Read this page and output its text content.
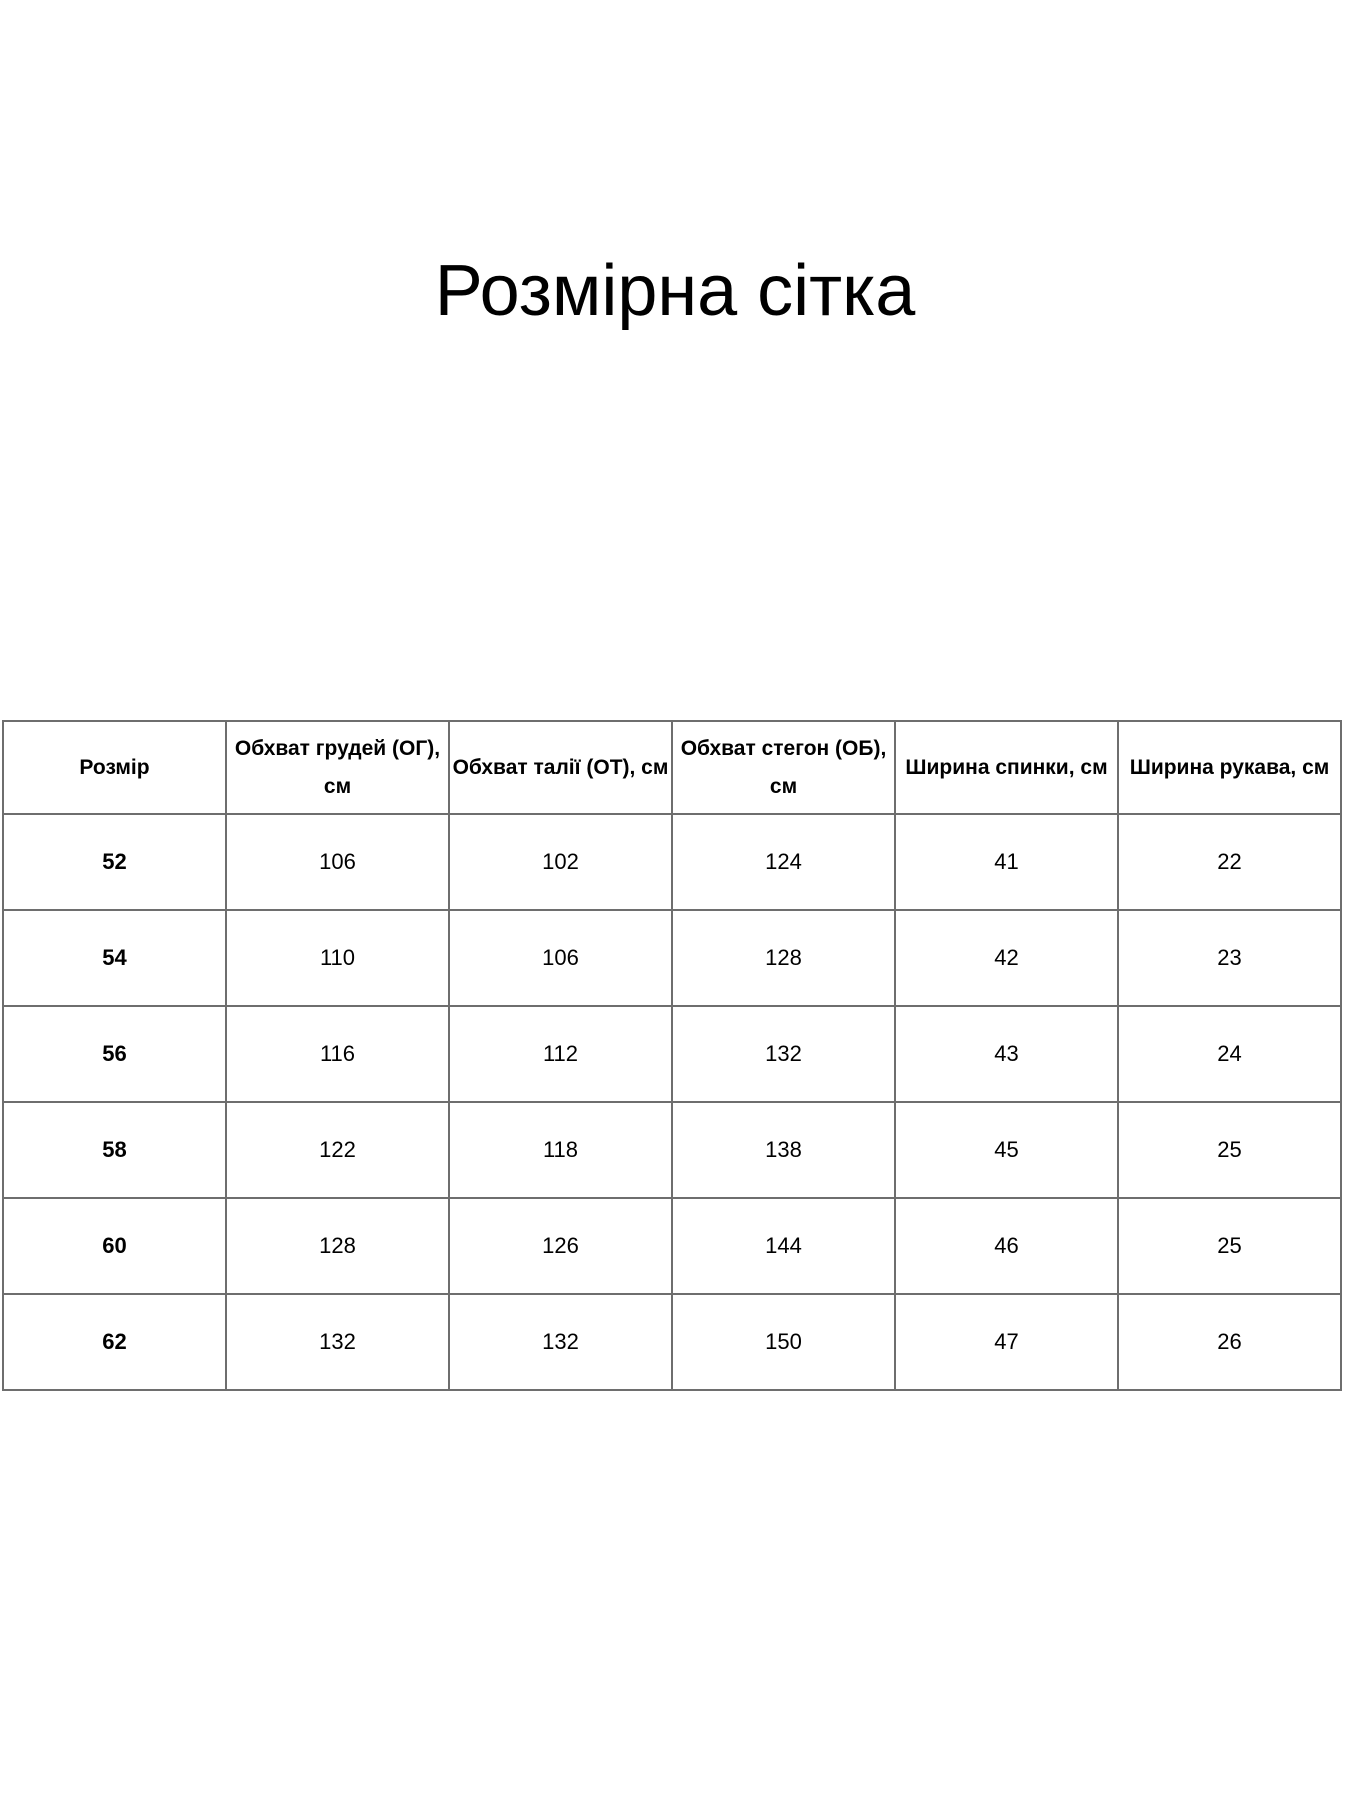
Розмірна сітка
Розмір	Обхват грудей (ОГ), см	Обхват талії (ОТ), см	Обхват стегон (ОБ), см	Ширина спинки, см	Ширина рукава, см
52	106	102	124	41	22
54	110	106	128	42	23
56	116	112	132	43	24
58	122	118	138	45	25
60	128	126	144	46	25
62	132	132	150	47	26
